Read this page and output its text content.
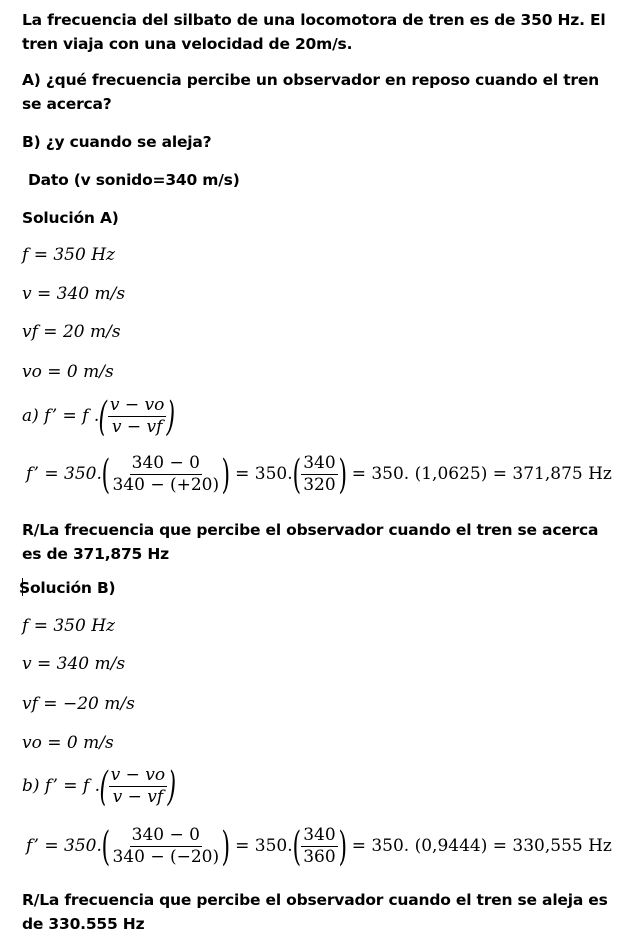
La frecuencia del silbato de una locomotora de tren es de 350 Hz. El tren viaja con una velocidad de 20m/s.
A) ¿qué frecuencia percibe un observador en reposo cuando el tren se acerca?
B) ¿y cuando se aleja?
Dato (v sonido=340 m/s)
Solución A)
f = 350 Hz
v = 340 m/s
vf = 20 m/s
vo = 0 m/s
a) f’ = f .( $\frac{v - vo}{v - vf}$ )
f’ = $350.( \frac{340 - 0}{340 - (+20)}$ ) = $350.( \frac{340}{320}$ ) = 350. (1,0625) = 371,875 Hz
R/La frecuencia que percibe el observador cuando el tren se acerca es de 371,875 Hz
Solución B)
f = 350 Hz
v = 340 m/s
vf = −20 m/s
vo = 0 m/s
b) f’ = f .( $\frac{v - vo}{v - vf}$ )
f’ = $350.( \frac{340 - 0}{340 - (-20)}$ ) = $350.( \frac{340}{360}$ ) = 350. (0,9444) = 330,555 Hz
R/La frecuencia que percibe el observador cuando el tren se aleja es de 330.555 Hz
